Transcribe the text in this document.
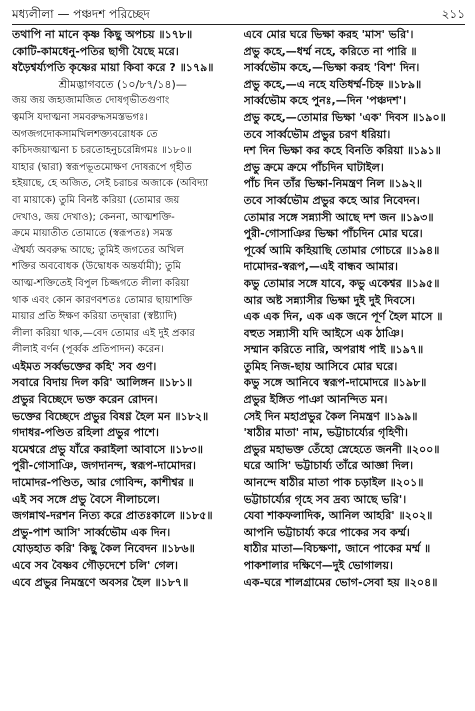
মধ্যলীলা — পঞ্চদশ পরিচ্ছেদ	২১১
তথাপি না মানে কৃষ্ণ কিছু অপচয় ॥১৭৮॥
কোটি-কামধেনু-পতির ছাগী যৈছে মরে।
ষড়ৈশ্বর্য্যপতি কৃষ্ণের মায়া কিবা করে ? ॥১৭৯॥
শ্রীমদ্ভাগবতে (১০/৮৭/১৪)—
জয় জয় জহ্যজামজিত দোষগৃভীতগুণাং
ত্বমসি যদাত্মনা সমবরুদ্ধসমস্তভগঃ।
অগজগদোকসামখিলশক্ত্যবরোধক তে
কচিদজয়াত্মনা চ চরতোহনুচরেন্নিগমঃ ॥১৮০॥
যাহার (দ্বারা) স্বরূপভূতমোক্ষণ দোষরূপে গৃহীত
হইয়াছে, হে অজিত, সেই চরাচর অজাকে (অবিদ্যা
বা মায়াকে) তুমি বিনষ্ট করিয়া (তোমার জয়
দেখাও, জয় দেখাও); কেননা, আত্মশক্তি-
ক্রমে মায়াতীত তোমাতে (স্বরূপতঃ) সমস্ত
ঐশ্বর্য্য অবরুদ্ধ আছে; তুমিই জগতের অখিল
শক্তির অববোধক (উদ্বোধক অন্তর্যামী); তুমি
আত্ম-শক্তিতেই বিপুল চিজ্জগতে লীলা করিয়া
থাক এবং কোন কারণবশতঃ তোমার ছায়াশক্তি
মায়ার প্রতি ঈক্ষণ করিয়া তদ্দ্বারা (স্বষ্ট্যাদি)
লীলা করিয়া থাক,—বেদ তোমার এই দুই প্রকার
লীলাই বর্ণন (পূর্ব্বক প্রতিপাদন) করেন।
এইমত সর্ব্বভক্তের কহি' সব গুণ।
সবারে বিদায় দিল করি' আলিঙ্গন ॥১৮১॥
প্রভুর বিচ্ছেদে ভক্ত করেন রোদন।
ভক্তের বিচ্ছেদে প্রভুর বিষণ্ণ হৈল মন ॥১৮২॥
গদাধর-পণ্ডিত রহিলা প্রভুর পাশে।
যমেশ্বরে প্রভু যাঁরে করাইলা আবাসে ॥১৮৩॥
পুরী-গোসাঞি, জগদানন্দ, স্বরূপ-দামোদর।
দামোদর-পণ্ডিত, আর গোবিন্দ, কাশীশ্বর ॥
এই সব সঙ্গে প্রভু বৈসে নীলাচলে।
জগন্নাথ-দরশন নিত্য করে প্রাতঃকালে ॥১৮৫॥
প্রভু-পাশ আসি' সার্ব্বভৌম এক দিন।
যোড়হাত করি' কিছু কৈল নিবেদন ॥১৮৬॥
এবে সব বৈষ্ণব গৌড়দেশে চলি' গেল।
এবে প্রভুর নিমন্ত্রণে অবসর হৈল ॥১৮৭॥
এবে মোর ঘরে ভিক্ষা করহ 'মাস' ভরি'।
প্রভু কহে,—ধর্ম্ম নহে, করিতে না পারি ॥
সার্ব্বভৌম কহে,—ভিক্ষা করহ 'বিশ' দিন।
প্রভু কহে,—এ নহে যতিধর্ম্ম-চিহ্ন ॥১৮৯॥
সার্ব্বভৌম কহে পুনঃ,—দিন 'পঞ্চদশ'।
প্রভু কহে,—তোমার ভিক্ষা 'এক' দিবস ॥১৯০॥
তবে সার্ব্বভৌম প্রভুর চরণ ধরিয়া।
দশ দিন ভিক্ষা কর কহে বিনতি করিয়া ॥১৯১॥
প্রভু ক্রমে ক্রমে পাঁচদিন ঘাটাইল।
পাঁচ দিন তাঁর ভিক্ষা-নিমন্ত্রণ নিল ॥১৯২॥
তবে সার্ব্বভৌম প্রভুর কহে আর নিবেদন।
তোমার সঙ্গে সন্ন্যাসী আছে দশ জন ॥১৯৩॥
পুরী-গোসাঞির ভিক্ষা পাঁচদিন মোর ঘরে।
পূর্ব্বে আমি কহিয়াছি তোমার গোচরে ॥১৯৪॥
দামোদর-স্বরূপ,—এই বান্ধব আমার।
কভু তোমার সঙ্গে যাবে, কভু একেশ্বর ॥১৯৫॥
আর অষ্ট সন্ন্যাসীর ভিক্ষা দুই দুই দিবসে।
এক এক দিন, এক এক জনে পূর্ণ হৈল মাসে ॥
বহুত সন্ন্যাসী যদি আইসে এক ঠাঞি।
সম্মান করিতে নারি, অপরাধ পাই ॥১৯৭॥
তুমিহ নিজ-ছায় আসিবে মোর ঘরে।
কভু সঙ্গে আনিবে স্বরূপ-দামোদরে ॥১৯৮॥
প্রভুর ইঙ্গিত পাঞা আনন্দিত মন।
সেই দিন মহাপ্রভুর কৈল নিমন্ত্রণ ॥১৯৯॥
'ষাঠীর মাতা' নাম, ভট্টাচার্য্যের গৃহিণী।
প্রভুর মহাভক্ত তেঁহো স্নেহেতে জননী ॥২০০॥
ঘরে আসি' ভট্টাচার্য্য তাঁরে আজ্ঞা দিল।
আনন্দে ষাঠীর মাতা পাক চড়াইল ॥২০১॥
ভট্টাচার্য্যের গৃহে সব দ্রব্য আছে ভরি'।
যেবা শাকফলাদিক, আনিল আহরি' ॥২০২॥
আপনি ভট্টাচার্য্য করে পাকের সব কর্ম্ম।
ষাঠীর মাতা—বিচক্ষণা, জানে পাকের মর্ম্ম ॥
পাকশালার দক্ষিণে—দুই ভোগালয়।
এক-ঘরে শালগ্রামের ভোগ-সেবা হয় ॥২০৪॥
